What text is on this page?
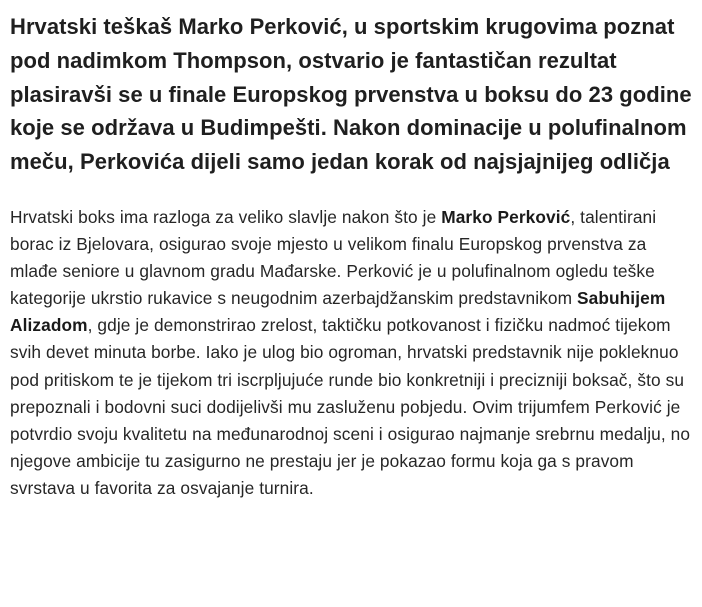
Hrvatski teškaš Marko Perković, u sportskim krugovima poznat pod nadimkom Thompson, ostvario je fantastičan rezultat plasiravši se u finale Europskog prvenstva u boksu do 23 godine koje se održava u Budimpešti. Nakon dominacije u polufinalnom meču, Perkovića dijeli samo jedan korak od najsjajnijeg odličja

Hrvatski boks ima razloga za veliko slavlje nakon što je Marko Perković, talentirani borac iz Bjelovara, osigurao svoje mjesto u velikom finalu Europskog prvenstva za mlađe seniore u glavnom gradu Mađarske. Perković je u polufinalnom ogledu teške kategorije ukrstio rukavice s neugodnim azerbajdžanskim predstavnikom Sabuhijem Alizadom, gdje je demonstrirao zrelost, taktičku potkovanost i fizičku nadmoć tijekom svih devet minuta borbe. Iako je ulog bio ogroman, hrvatski predstavnik nije pokleknuo pod pritiskom te je tijekom tri iscrpljujuće runde bio konkretniji i precizniji boksač, što su prepoznali i bodovni suci dodijelivši mu zasluženu pobjedu. Ovim trijumfem Perković je potvrdio svoju kvalitetu na međunarodnoj sceni i osigurao najmanje srebrnu medalju, no njegove ambicije tu zasigurno ne prestaju jer je pokazao formu koja ga s pravom svrstava u favorita za osvajanje turnira.
